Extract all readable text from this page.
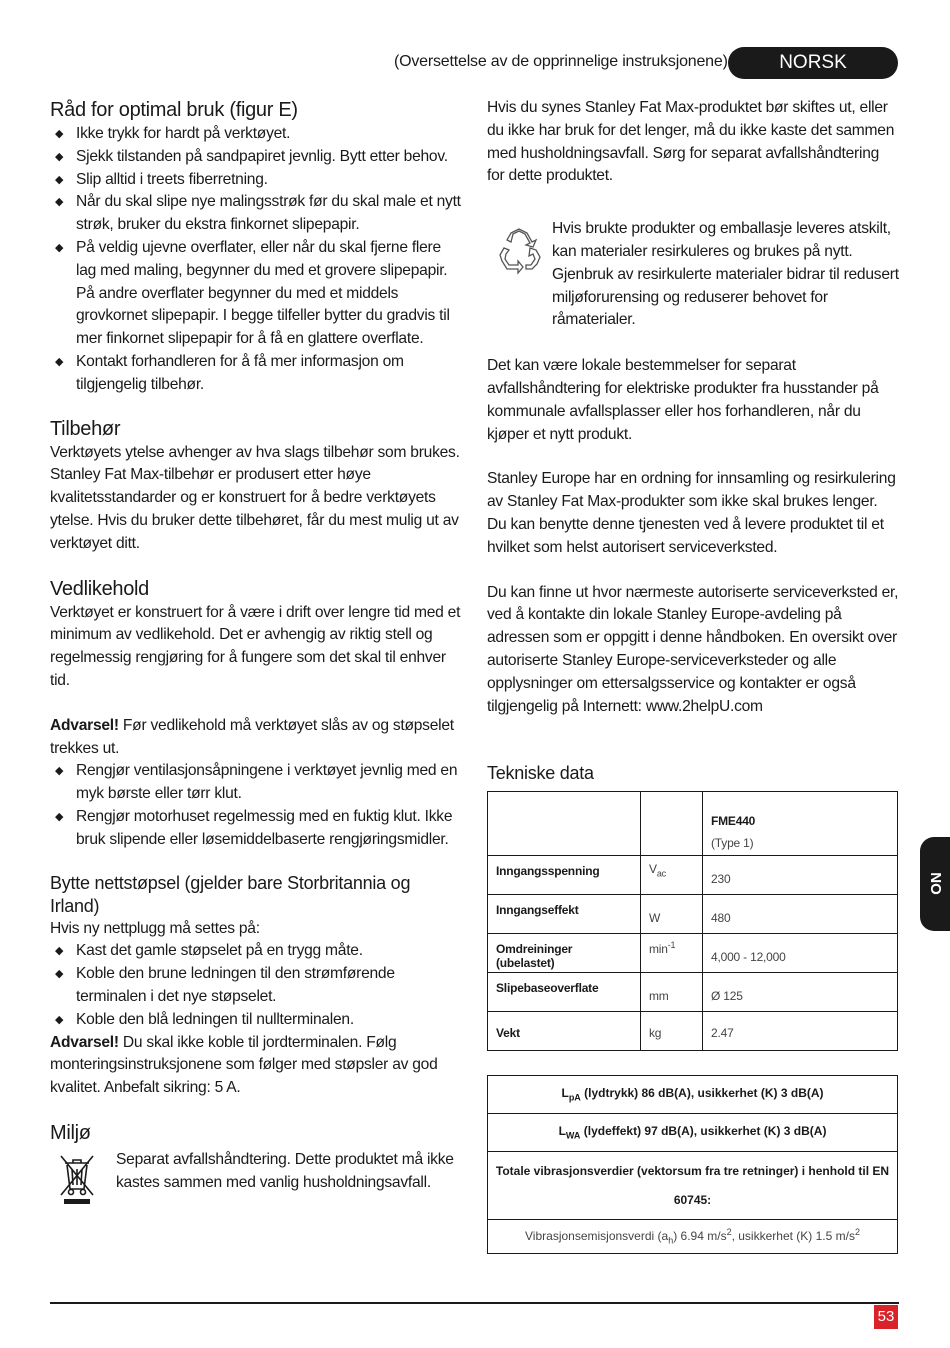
(Oversettelse av de opprinnelige instruksjonene)	NORSK
NO
Råd for optimal bruk (figur E)
◆ Ikke trykk for hardt på verktøyet.
◆ Sjekk tilstanden på sandpapiret jevnlig. Bytt etter behov.
◆ Slip alltid i treets fiberretning.
◆ Når du skal slipe nye malingsstrøk før du skal male et nytt strøk, bruker du ekstra finkornet slipepapir.
◆ På veldig ujevne overflater, eller når du skal fjerne flere lag med maling, begynner du med et grovere slipepapir. På andre overflater begynner du med et middels grovkornet slipepapir. I begge tilfeller bytter du gradvis til mer finkornet slipepapir for å få en glattere overflate.
◆ Kontakt forhandleren for å få mer informasjon om tilgjengelig tilbehør.
Tilbehør

Verktøyets ytelse avhenger av hva slags tilbehør som brukes. Stanley Fat Max-tilbehør er produsert etter høye kvalitetsstandarder og er konstruert for å bedre verktøyets ytelse. Hvis du bruker dette tilbehøret, får du mest mulig ut av verktøyet ditt.

Vedlikehold

Verktøyet er konstruert for å være i drift over lengre tid med et minimum av vedlikehold. Det er avhengig av riktig stell og regelmessig rengjøring for å fungere som det skal til enhver tid.

Advarsel! Før vedlikehold må verktøyet slås av og støpselet trekkes ut.

◆ Rengjør ventilasjonsåpningene i verktøyet jevnlig med en myk børste eller tørr klut.
◆ Rengjør motorhuset regelmessig med en fuktig klut. Ikke bruk slipende eller løsemiddelbaserte rengjøringsmidler.
Bytte nettstøpsel (gjelder bare Storbritannia og Irland)

Hvis ny nettplugg må settes på:

◆ Kast det gamle støpselet på en trygg måte.
◆ Koble den brune ledningen til den strømførende terminalen i det nye støpselet.
◆ Koble den blå ledningen til nullterminalen.

Advarsel! Du skal ikke koble til jordterminalen. Følg monteringsinstruksjonene som følger med støpsler av god kvalitet. Anbefalt sikring: 5 A.

Miljø

Separat avfallshåndtering. Dette produktet må ikke kastes sammen med vanlig husholdningsavfall.

Hvis du synes Stanley Fat Max-produktet bør skiftes ut, eller du ikke har bruk for det lenger, må du ikke kaste det sammen med husholdningsavfall. Sørg for separat avfallshåndtering for dette produktet.

Hvis brukte produkter og emballasje leveres atskilt, kan materialer resirkuleres og brukes på nytt. Gjenbruk av resirkulerte materialer bidrar til redusert miljøforurensing og reduserer behovet for råmaterialer.

Det kan være lokale bestemmelser for separat avfallshåndtering for elektriske produkter fra husstander på kommunale avfallsplasser eller hos forhandleren, når du kjøper et nytt produkt.

Stanley Europe har en ordning for innsamling og resirkulering av Stanley Fat Max-produkter som ikke skal brukes lenger. Du kan benytte denne tjenesten ved å levere produktet til et hvilket som helst autorisert serviceverksted.

Du kan finne ut hvor nærmeste autoriserte serviceverksted er, ved å kontakte din lokale Stanley Europe-avdeling på adressen som er oppgitt i denne håndboken. En oversikt over autoriserte Stanley Europe-serviceverksteder og alle opplysninger om ettersalgsservice og kontakter er også tilgjengelig på Internett: www.2helpU.com

Tekniske data

		FME440
(Type 1)

Inngangsspenning	$V_{ac}$	230
Inngangseffekt	W	480
Omdreininger (ubelastet)	$\min^{-1}$	4,000 - 12,000
Slipebaseoverflate	mm	Ø 125
Vekt	kg	2.47
$L_{pA}$ (lydtrykk) 86 dB(A), usikkerhet (K) 3 dB(A)
$L_{WA}$ (lydeffekt) 97 dB(A), usikkerhet (K) 3 dB(A)

Totale vibrasjonsverdier (vektorsum fra tre retninger) i henhold til EN
60745:

Vibrasjonsemisjonsverdi $(a_h)$ 6.94 $m/s^2$, usikkerhet (K) 1.5 $m/s^2$
53
